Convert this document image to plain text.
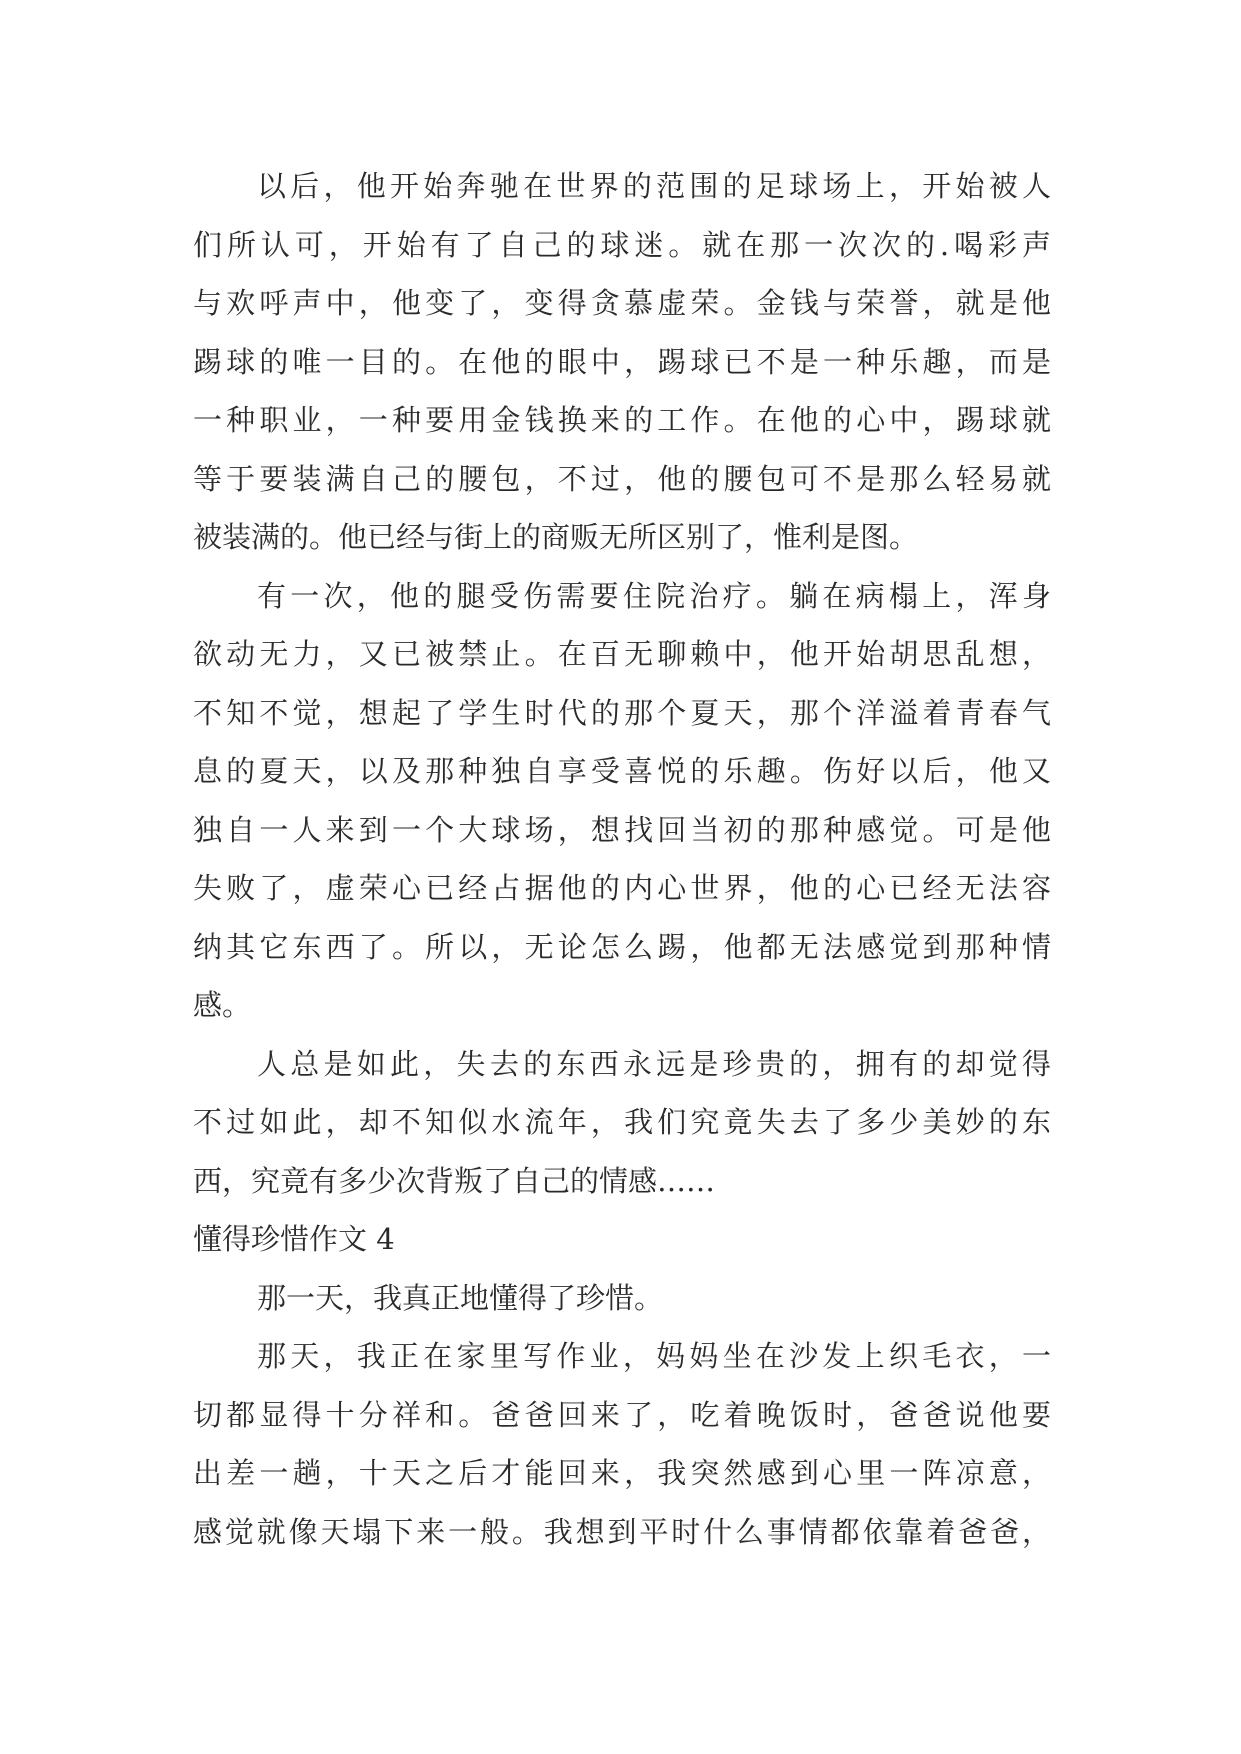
以后，他开始奔驰在世界的范围的足球场上，开始被人
们所认可，开始有了自己的球迷。就在那一次次的.喝彩声
与欢呼声中，他变了，变得贪慕虚荣。金钱与荣誉，就是他
踢球的唯一目的。在他的眼中，踢球已不是一种乐趣，而是
一种职业，一种要用金钱换来的工作。在他的心中，踢球就
等于要装满自己的腰包，不过，他的腰包可不是那么轻易就
被装满的。他已经与街上的商贩无所区别了，惟利是图。
有一次，他的腿受伤需要住院治疗。躺在病榻上，浑身
欲动无力，又已被禁止。在百无聊赖中，他开始胡思乱想，
不知不觉，想起了学生时代的那个夏天，那个洋溢着青春气
息的夏天，以及那种独自享受喜悦的乐趣。伤好以后，他又
独自一人来到一个大球场，想找回当初的那种感觉。可是他
失败了，虚荣心已经占据他的内心世界，他的心已经无法容
纳其它东西了。所以，无论怎么踢，他都无法感觉到那种情
感。
人总是如此，失去的东西永远是珍贵的，拥有的却觉得
不过如此，却不知似水流年，我们究竟失去了多少美妙的东
西，究竟有多少次背叛了自己的情感……
懂得珍惜作文 4
那一天，我真正地懂得了珍惜。
那天，我正在家里写作业，妈妈坐在沙发上织毛衣，一
切都显得十分祥和。爸爸回来了，吃着晚饭时，爸爸说他要
出差一趟，十天之后才能回来，我突然感到心里一阵凉意，
感觉就像天塌下来一般。我想到平时什么事情都依靠着爸爸，
